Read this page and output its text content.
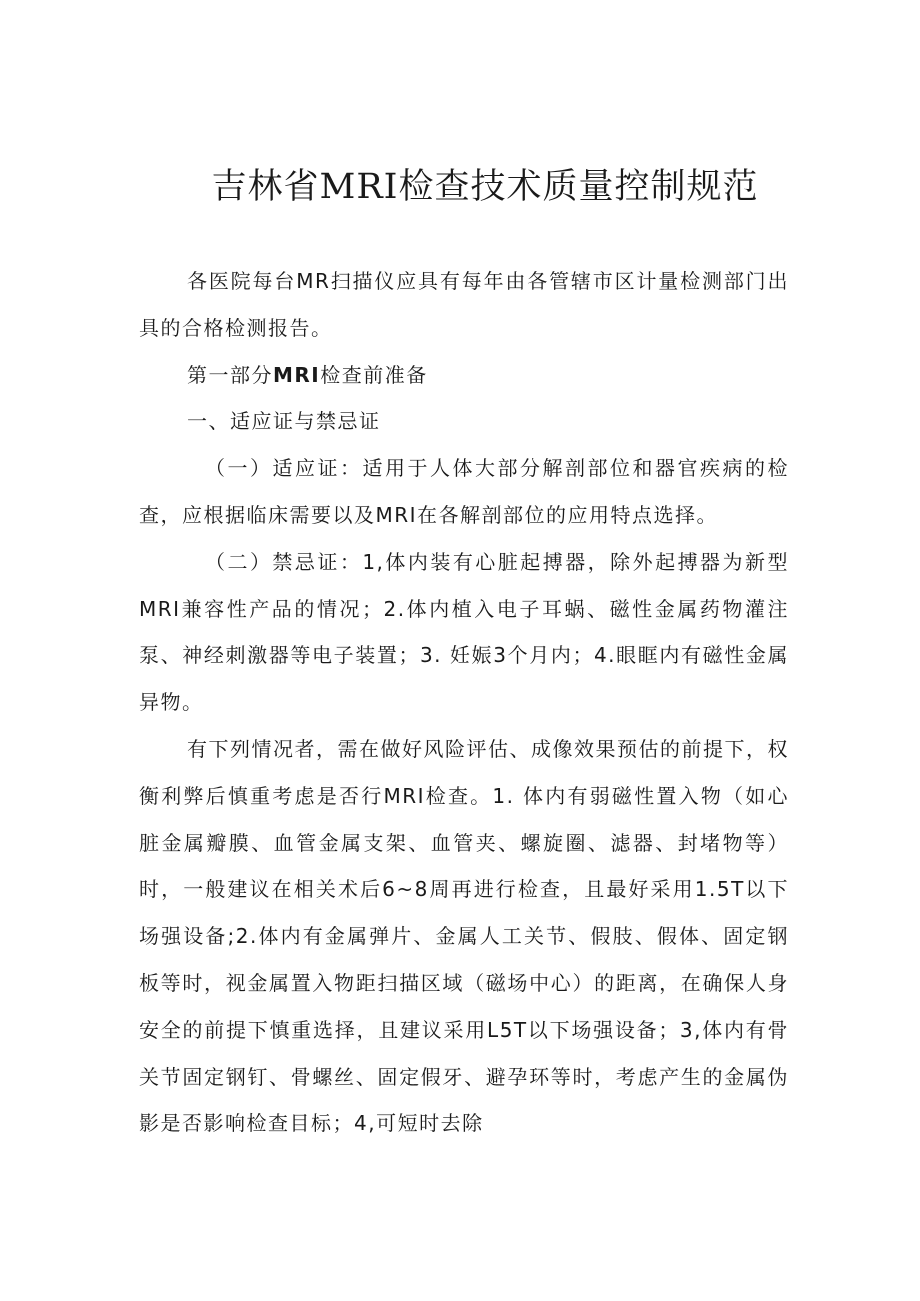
吉林省MRI检查技术质量控制规范

各医院每台MR扫描仪应具有每年由各管辖市区计量检测部门出具的合格检测报告。

第一部分MRI检查前准备

一、适应证与禁忌证

（一）适应证：适用于人体大部分解剖部位和器官疾病的检查，应根据临床需要以及MRI在各解剖部位的应用特点选择。

（二）禁忌证：1,体内装有心脏起搏器，除外起搏器为新型MRI兼容性产品的情况；2.体内植入电子耳蜗、磁性金属药物灌注泵、神经刺激器等电子装置；3. 妊娠3个月内；4.眼眶内有磁性金属异物。

有下列情况者，需在做好风险评估、成像效果预估的前提下，权衡利弊后慎重考虑是否行MRI检查。1. 体内有弱磁性置入物（如心脏金属瓣膜、血管金属支架、血管夹、螺旋圈、滤器、封堵物等）时，一般建议在相关术后6~8周再进行检查，且最好采用1.5T以下场强设备;2.体内有金属弹片、金属人工关节、假肢、假体、固定钢板等时，视金属置入物距扫描区域（磁场中心）的距离，在确保人身安全的前提下慎重选择，且建议采用L5T以下场强设备；3,体内有骨关节固定钢钉、骨螺丝、固定假牙、避孕环等时，考虑产生的金属伪影是否影响检查目标；4,可短时去除
